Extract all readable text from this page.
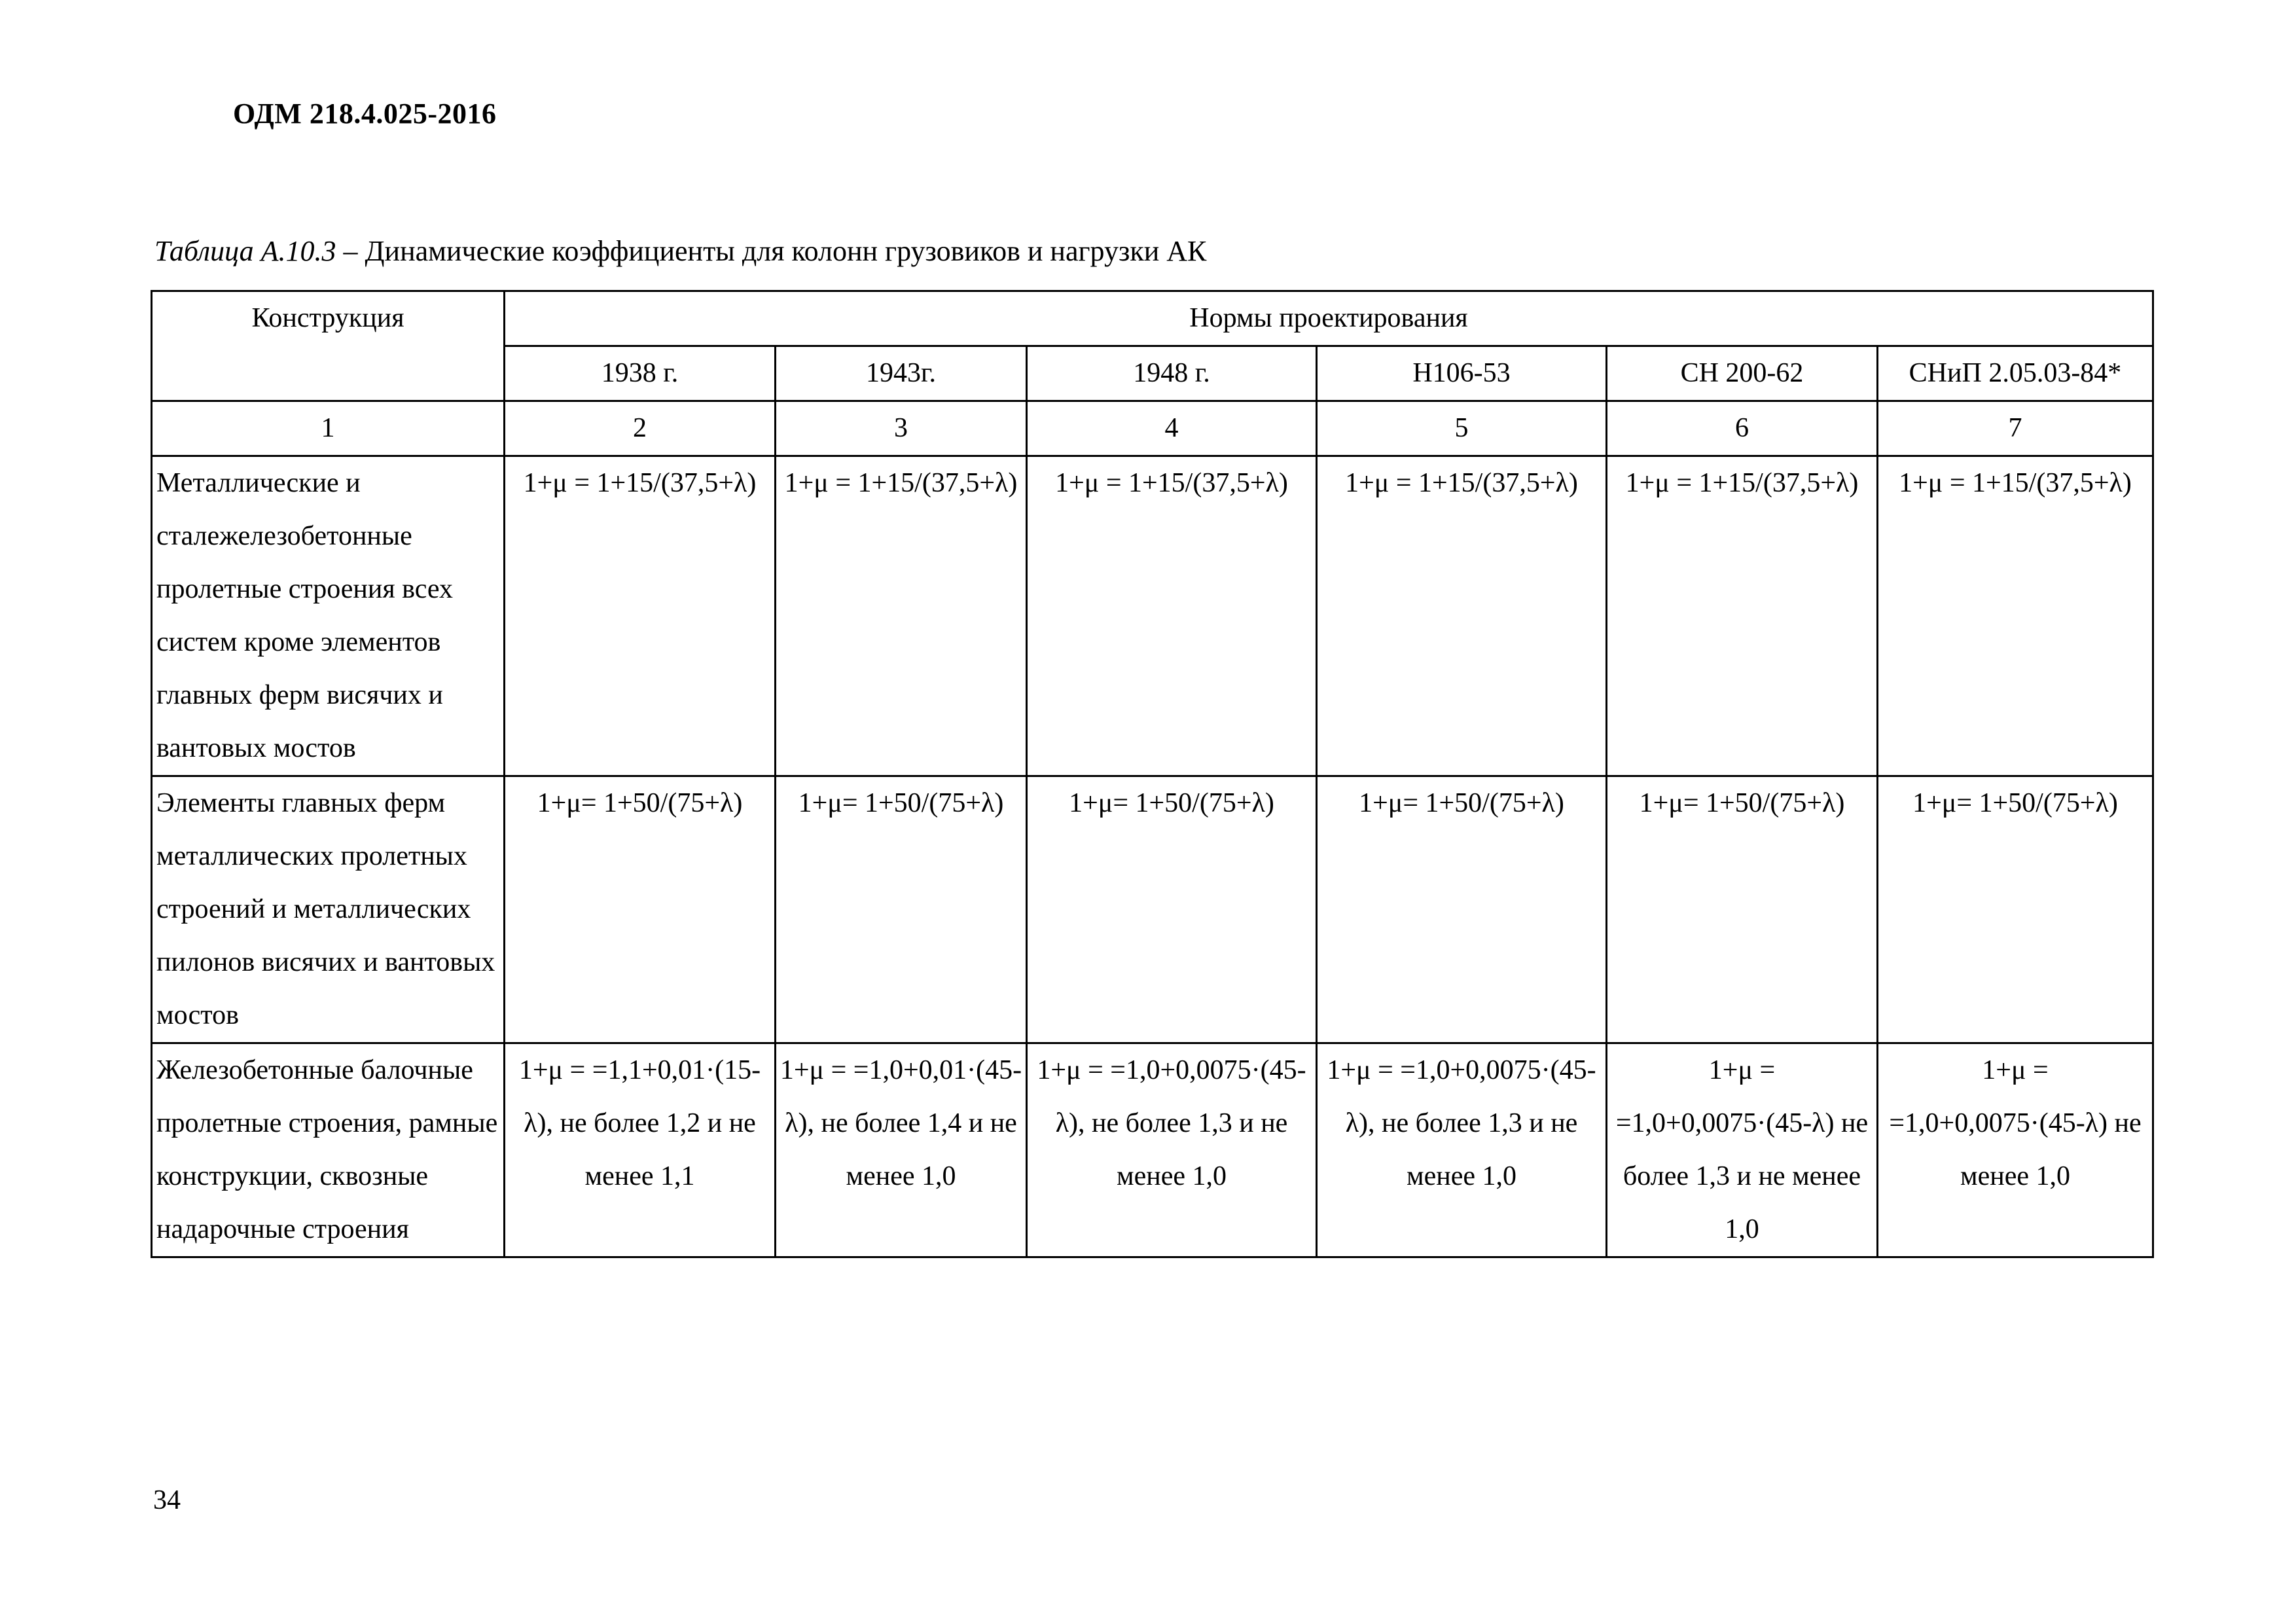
ОДМ 218.4.025-2016
Таблица А.10.3 – Динамические коэффициенты для колонн грузовиков и нагрузки АК
Конструкция	Нормы проектирования					
	1938 г.	1943г.	1948 г.	Н106-53	СН 200-62	СНиП 2.05.03-84*
1	2	3	4	5	6	7
Металлические и сталежелезобетонные пролетные строения всех систем кроме элементов главных ферм висячих и вантовых мостов	1+μ = 1+15/(37,5+λ)	1+μ = 1+15/(37,5+λ)	1+μ = 1+15/(37,5+λ)	1+μ = 1+15/(37,5+λ)	1+μ = 1+15/(37,5+λ)	1+μ = 1+15/(37,5+λ)
Элементы главных ферм металлических пролетных строений и металлических пилонов висячих и вантовых мостов	1+μ= 1+50/(75+λ)	1+μ= 1+50/(75+λ)	1+μ= 1+50/(75+λ)	1+μ= 1+50/(75+λ)	1+μ= 1+50/(75+λ)	1+μ= 1+50/(75+λ)
Железобетонные балочные пролетные строения, рамные конструкции, сквозные надарочные строения	1+μ = =1,1+0,01·(15-λ), не более 1,2 и не менее 1,1	1+μ = =1,0+0,01·(45-λ), не более 1,4 и не менее 1,0	1+μ = =1,0+0,0075·(45-λ), не более 1,3 и не менее 1,0	1+μ = =1,0+0,0075·(45-λ), не более 1,3 и не менее 1,0	1+μ = =1,0+0,0075·(45-λ) не более 1,3 и не менее 1,0	1+μ = =1,0+0,0075·(45-λ) не менее 1,0
34
